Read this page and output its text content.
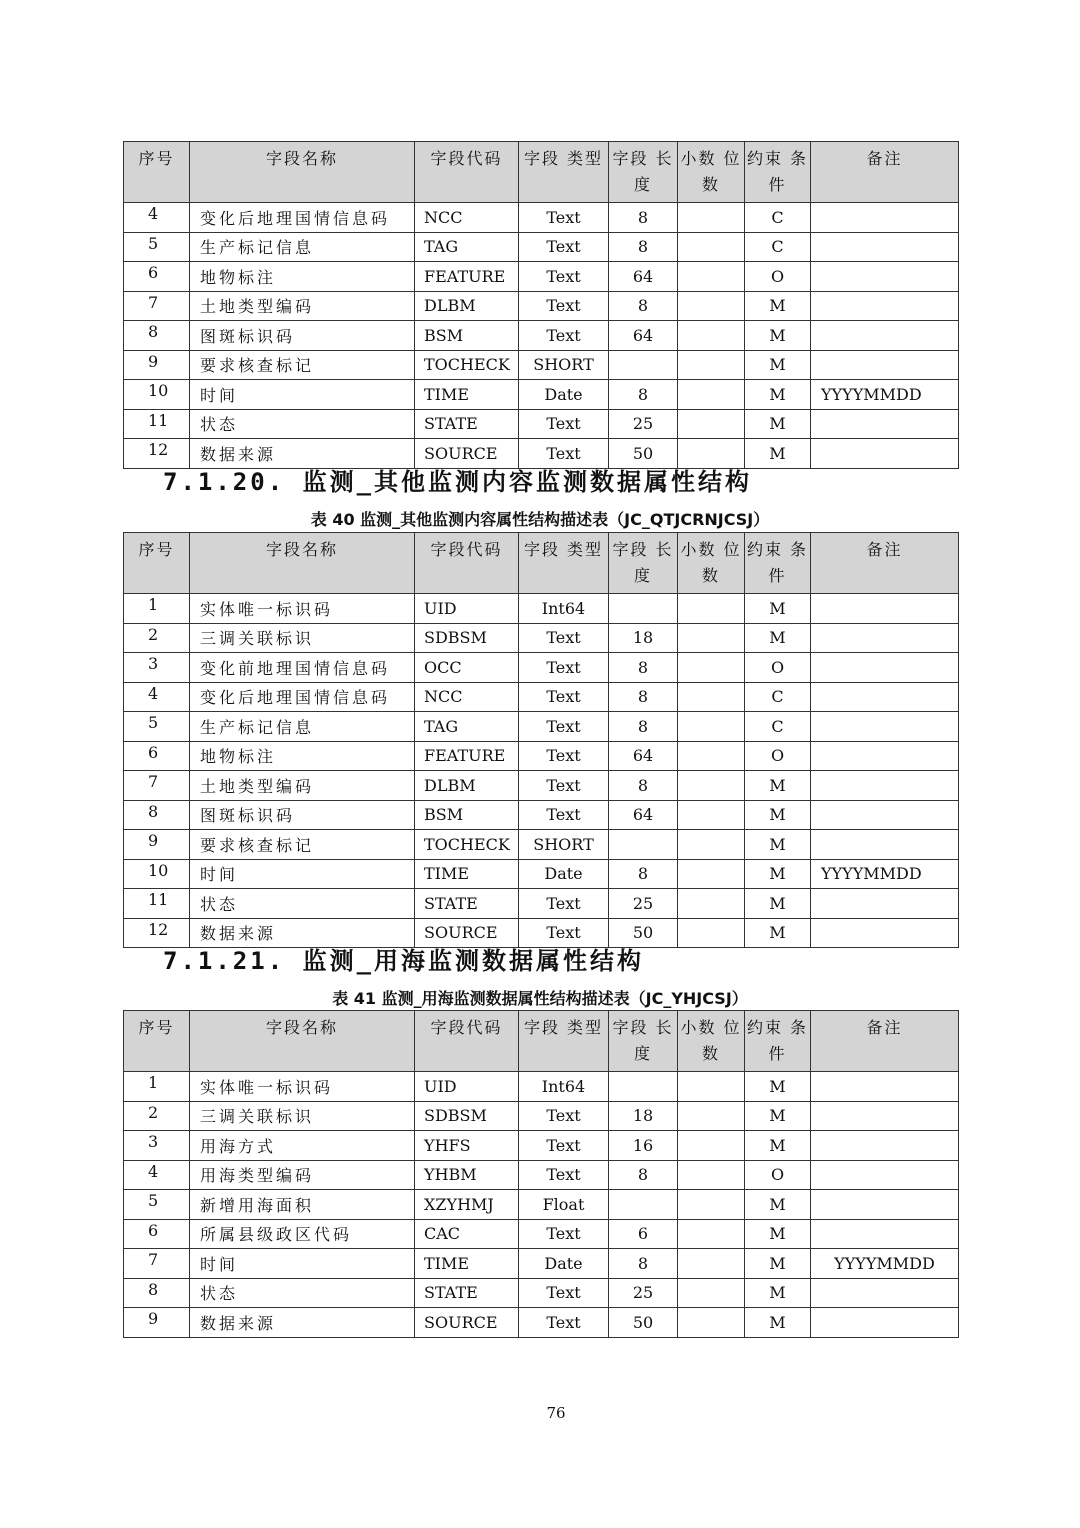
序号	字段名称	字段代码	字段 类型	字段 长度	小数 位数	约束 条件	备注
4	变化后地理国情信息码	NCC	Text	8		C	
5	生产标记信息	TAG	Text	8		C	
6	地物标注	FEATURE	Text	64		O	
7	土地类型编码	DLBM	Text	8		M	
8	图斑标识码	BSM	Text	64		M	
9	要求核查标记	TOCHECK	SHORT			M	
10	时间	TIME	Date	8		M	YYYYMMDD
11	状态	STATE	Text	25		M	
12	数据来源	SOURCE	Text	50		M	
7.1.20. 监测_其他监测内容监测数据属性结构
表 40 监测_其他监测内容属性结构描述表（JC_QTJCRNJCSJ）
序号	字段名称	字段代码	字段 类型	字段 长度	小数 位数	约束 条件	备注
1	实体唯一标识码	UID	Int64			M	
2	三调关联标识	SDBSM	Text	18		M	
3	变化前地理国情信息码	OCC	Text	8		O	
4	变化后地理国情信息码	NCC	Text	8		C	
5	生产标记信息	TAG	Text	8		C	
6	地物标注	FEATURE	Text	64		O	
7	土地类型编码	DLBM	Text	8		M	
8	图斑标识码	BSM	Text	64		M	
9	要求核查标记	TOCHECK	SHORT			M	
10	时间	TIME	Date	8		M	YYYYMMDD
11	状态	STATE	Text	25		M	
12	数据来源	SOURCE	Text	50		M	
7.1.21. 监测_用海监测数据属性结构
表 41 监测_用海监测数据属性结构描述表（JC_YHJCSJ）
序号	字段名称	字段代码	字段 类型	字段 长度	小数 位数	约束 条件	备注
1	实体唯一标识码	UID	Int64			M	
2	三调关联标识	SDBSM	Text	18		M	
3	用海方式	YHFS	Text	16		M	
4	用海类型编码	YHBM	Text	8		O	
5	新增用海面积	XZYHMJ	Float			M	
6	所属县级政区代码	CAC	Text	6		M	
7	时间	TIME	Date	8		M	YYYYMMDD
8	状态	STATE	Text	25		M	
9	数据来源	SOURCE	Text	50		M	
76
